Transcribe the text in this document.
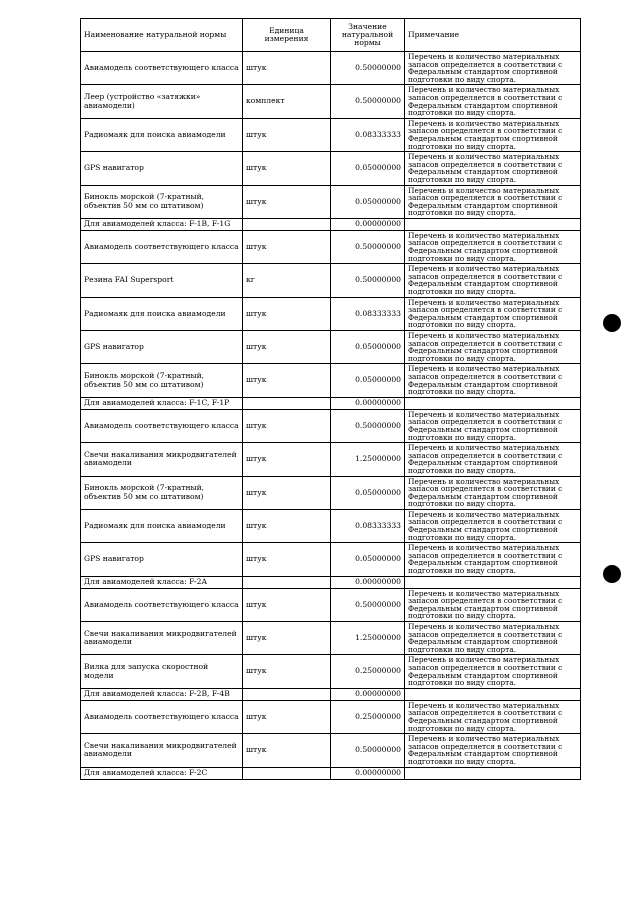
Наименование натуральной нормы	Единица измерения	Значение натуральной нормы	Примечание
Авиамодель соответствующего класса	штук	0.50000000	Перечень и количество материальных запасов определяется в соответствии с Федеральным стандартом спортивной подготовки по виду спорта.
Леер (устройство «затяжки» авиамодели)	комплект	0.50000000	Перечень и количество материальных запасов определяется в соответствии с Федеральным стандартом спортивной подготовки по виду спорта.
Радиомаяк для поиска авиамодели	штук	0.08333333	Перечень и количество материальных запасов определяется в соответствии с Федеральным стандартом спортивной подготовки по виду спорта.
GPS навигатор	штук	0.05000000	Перечень и количество материальных запасов определяется в соответствии с Федеральным стандартом спортивной подготовки по виду спорта.
Бинокль морской (7-кратный, объектив 50 мм со штативом)	штук	0.05000000	Перечень и количество материальных запасов определяется в соответствии с Федеральным стандартом спортивной подготовки по виду спорта.
Для авиамоделей класса: F-1B, F-1G		0.00000000	
Авиамодель соответствующего класса	штук	0.50000000	Перечень и количество материальных запасов определяется в соответствии с Федеральным стандартом спортивной подготовки по виду спорта.
Резина FAI Supersport	кг	0.50000000	Перечень и количество материальных запасов определяется в соответствии с Федеральным стандартом спортивной подготовки по виду спорта.
Радиомаяк для поиска авиамодели	штук	0.08333333	Перечень и количество материальных запасов определяется в соответствии с Федеральным стандартом спортивной подготовки по виду спорта.
GPS навигатор	штук	0.05000000	Перечень и количество материальных запасов определяется в соответствии с Федеральным стандартом спортивной подготовки по виду спорта.
Бинокль морской (7-кратный, объектив 50 мм со штативом)	штук	0.05000000	Перечень и количество материальных запасов определяется в соответствии с Федеральным стандартом спортивной подготовки по виду спорта.
Для авиамоделей класса: F-1C, F-1P		0.00000000	
Авиамодель соответствующего класса	штук	0.50000000	Перечень и количество материальных запасов определяется в соответствии с Федеральным стандартом спортивной подготовки по виду спорта.
Свечи накаливания микродвигателей авиамодели	штук	1.25000000	Перечень и количество материальных запасов определяется в соответствии с Федеральным стандартом спортивной подготовки по виду спорта.
Бинокль морской (7-кратный, объектив 50 мм со штативом)	штук	0.05000000	Перечень и количество материальных запасов определяется в соответствии с Федеральным стандартом спортивной подготовки по виду спорта.
Радиомаяк для поиска авиамодели	штук	0.08333333	Перечень и количество материальных запасов определяется в соответствии с Федеральным стандартом спортивной подготовки по виду спорта.
GPS навигатор	штук	0.05000000	Перечень и количество материальных запасов определяется в соответствии с Федеральным стандартом спортивной подготовки по виду спорта.
Для авиамоделей класса: F-2A		0.00000000	
Авиамодель соответствующего класса	штук	0.50000000	Перечень и количество материальных запасов определяется в соответствии с Федеральным стандартом спортивной подготовки по виду спорта.
Свечи накаливания микродвигателей авиамодели	штук	1.25000000	Перечень и количество материальных запасов определяется в соответствии с Федеральным стандартом спортивной подготовки по виду спорта.
Вилка для запуска скоростной модели	штук	0.25000000	Перечень и количество материальных запасов определяется в соответствии с Федеральным стандартом спортивной подготовки по виду спорта.
Для авиамоделей класса: F-2B, F-4B		0.00000000	
Авиамодель соответствующего класса	штук	0.25000000	Перечень и количество материальных запасов определяется в соответствии с Федеральным стандартом спортивной подготовки по виду спорта.
Свечи накаливания микродвигателей авиамодели	штук	0.50000000	Перечень и количество материальных запасов определяется в соответствии с Федеральным стандартом спортивной подготовки по виду спорта.
Для авиамоделей класса: F-2C		0.00000000	
